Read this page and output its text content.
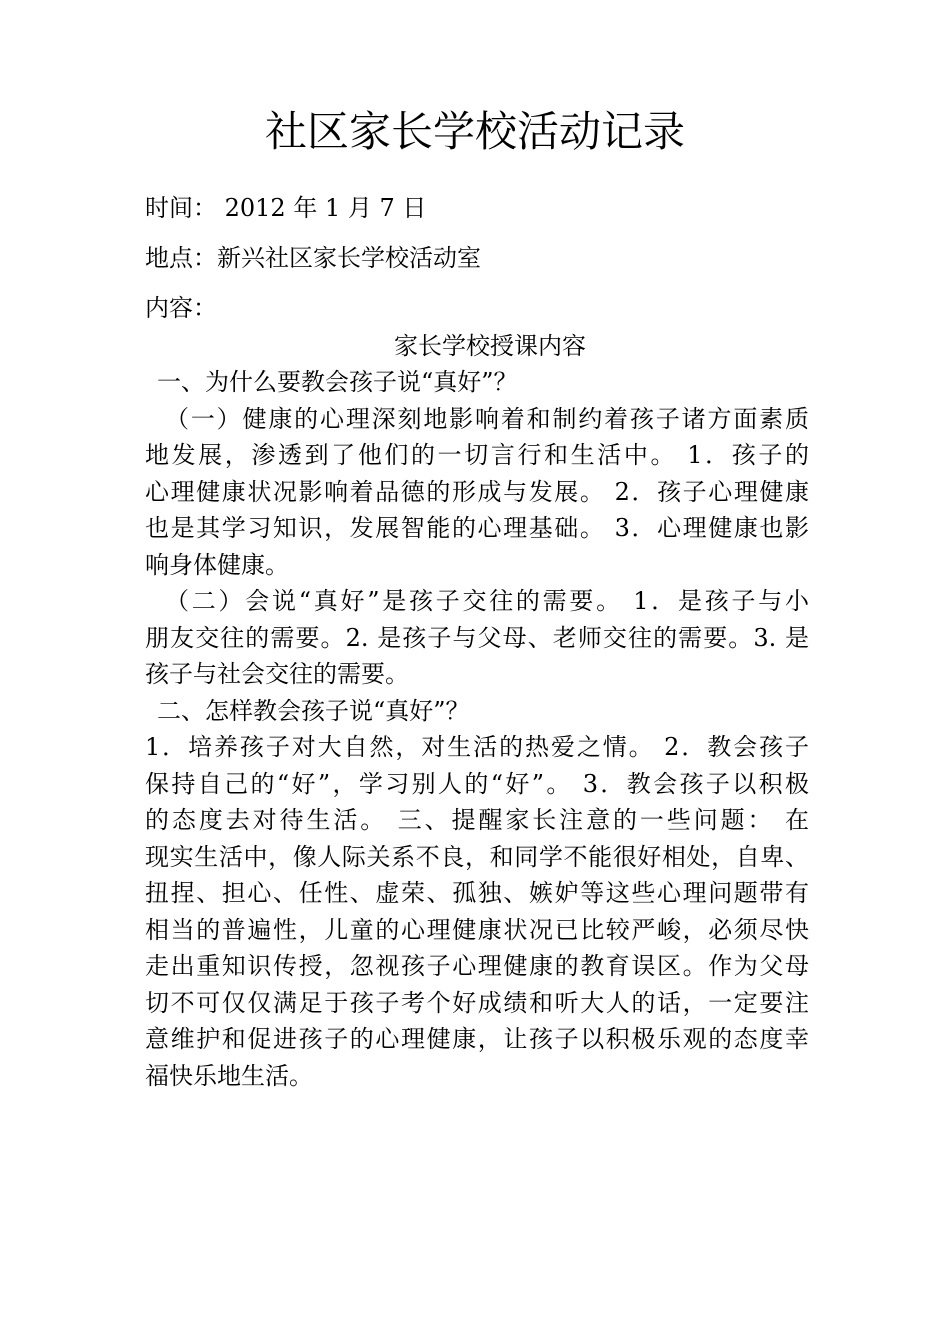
社区家长学校活动记录
时间： 2012 年 1 月 7 日
地点：新兴社区家长学校活动室
内容：
家长学校授课内容
一、为什么要教会孩子说“真好”？
（一）健康的心理深刻地影响着和制约着孩子诸方面素质
地发展，渗透到了他们的一切言行和生活中。 1．孩子的
心理健康状况影响着品德的形成与发展。 2．孩子心理健康
也是其学习知识，发展智能的心理基础。 3．心理健康也影
响身体健康。
（二）会说“真好”是孩子交往的需要。 1．是孩子与小
朋友交往的需要。2. 是孩子与父母、老师交往的需要。3. 是
孩子与社会交往的需要。
二、怎样教会孩子说“真好”？
1．培养孩子对大自然，对生活的热爱之情。 2．教会孩子
保持自己的“好”，学习别人的“好”。 3．教会孩子以积极
的态度去对待生活。 三、提醒家长注意的一些问题： 在
现实生活中，像人际关系不良，和同学不能很好相处，自卑、
扭捏、担心、任性、虚荣、孤独、嫉妒等这些心理问题带有
相当的普遍性，儿童的心理健康状况已比较严峻，必须尽快
走出重知识传授，忽视孩子心理健康的教育误区。作为父母
切不可仅仅满足于孩子考个好成绩和听大人的话，一定要注
意维护和促进孩子的心理健康，让孩子以积极乐观的态度幸
福快乐地生活。
